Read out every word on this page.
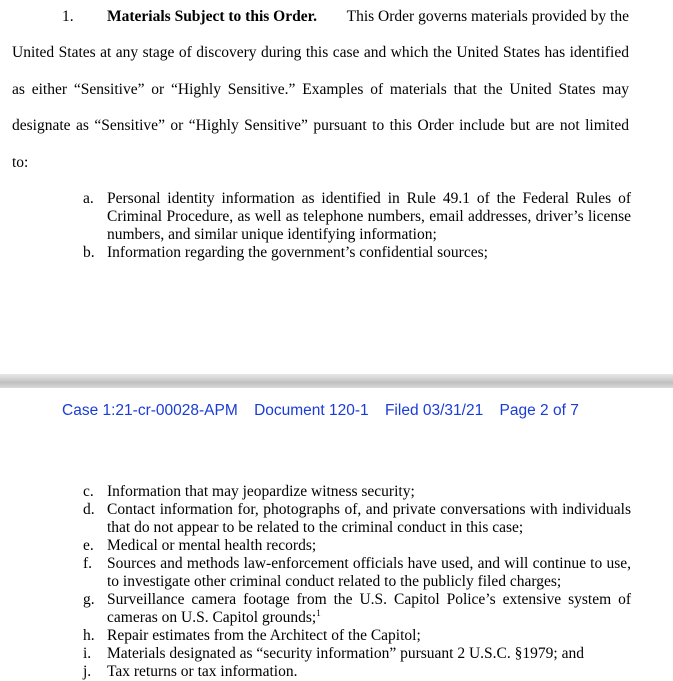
1. Materials Subject to this Order. This Order governs materials provided by the
United States at any stage of discovery during this case and which the United States has identified
as either “Sensitive” or “Highly Sensitive.” Examples of materials that the United States may
designate as “Sensitive” or “Highly Sensitive” pursuant to this Order include but are not limited
to:
a. Personal identity information as identified in Rule 49.1 of the Federal Rules of
Criminal Procedure, as well as telephone numbers, email addresses, driver’s license
numbers, and similar unique identifying information;
b. Information regarding the government’s confidential sources;
Case 1:21-cr-00028-APM Document 120-1 Filed 03/31/21 Page 2 of 7
c. Information that may jeopardize witness security;
d. Contact information for, photographs of, and private conversations with individuals
that do not appear to be related to the criminal conduct in this case;
e. Medical or mental health records;
f. Sources and methods law-enforcement officials have used, and will continue to use,
to investigate other criminal conduct related to the publicly filed charges;
g. Surveillance camera footage from the U.S. Capitol Police’s extensive system of
cameras on U.S. Capitol grounds;$^1$
h. Repair estimates from the Architect of the Capitol;
i.	Materials designated as “security information” pursuant 2 U.S.C. §1979; and
j.	Tax returns or tax information.
